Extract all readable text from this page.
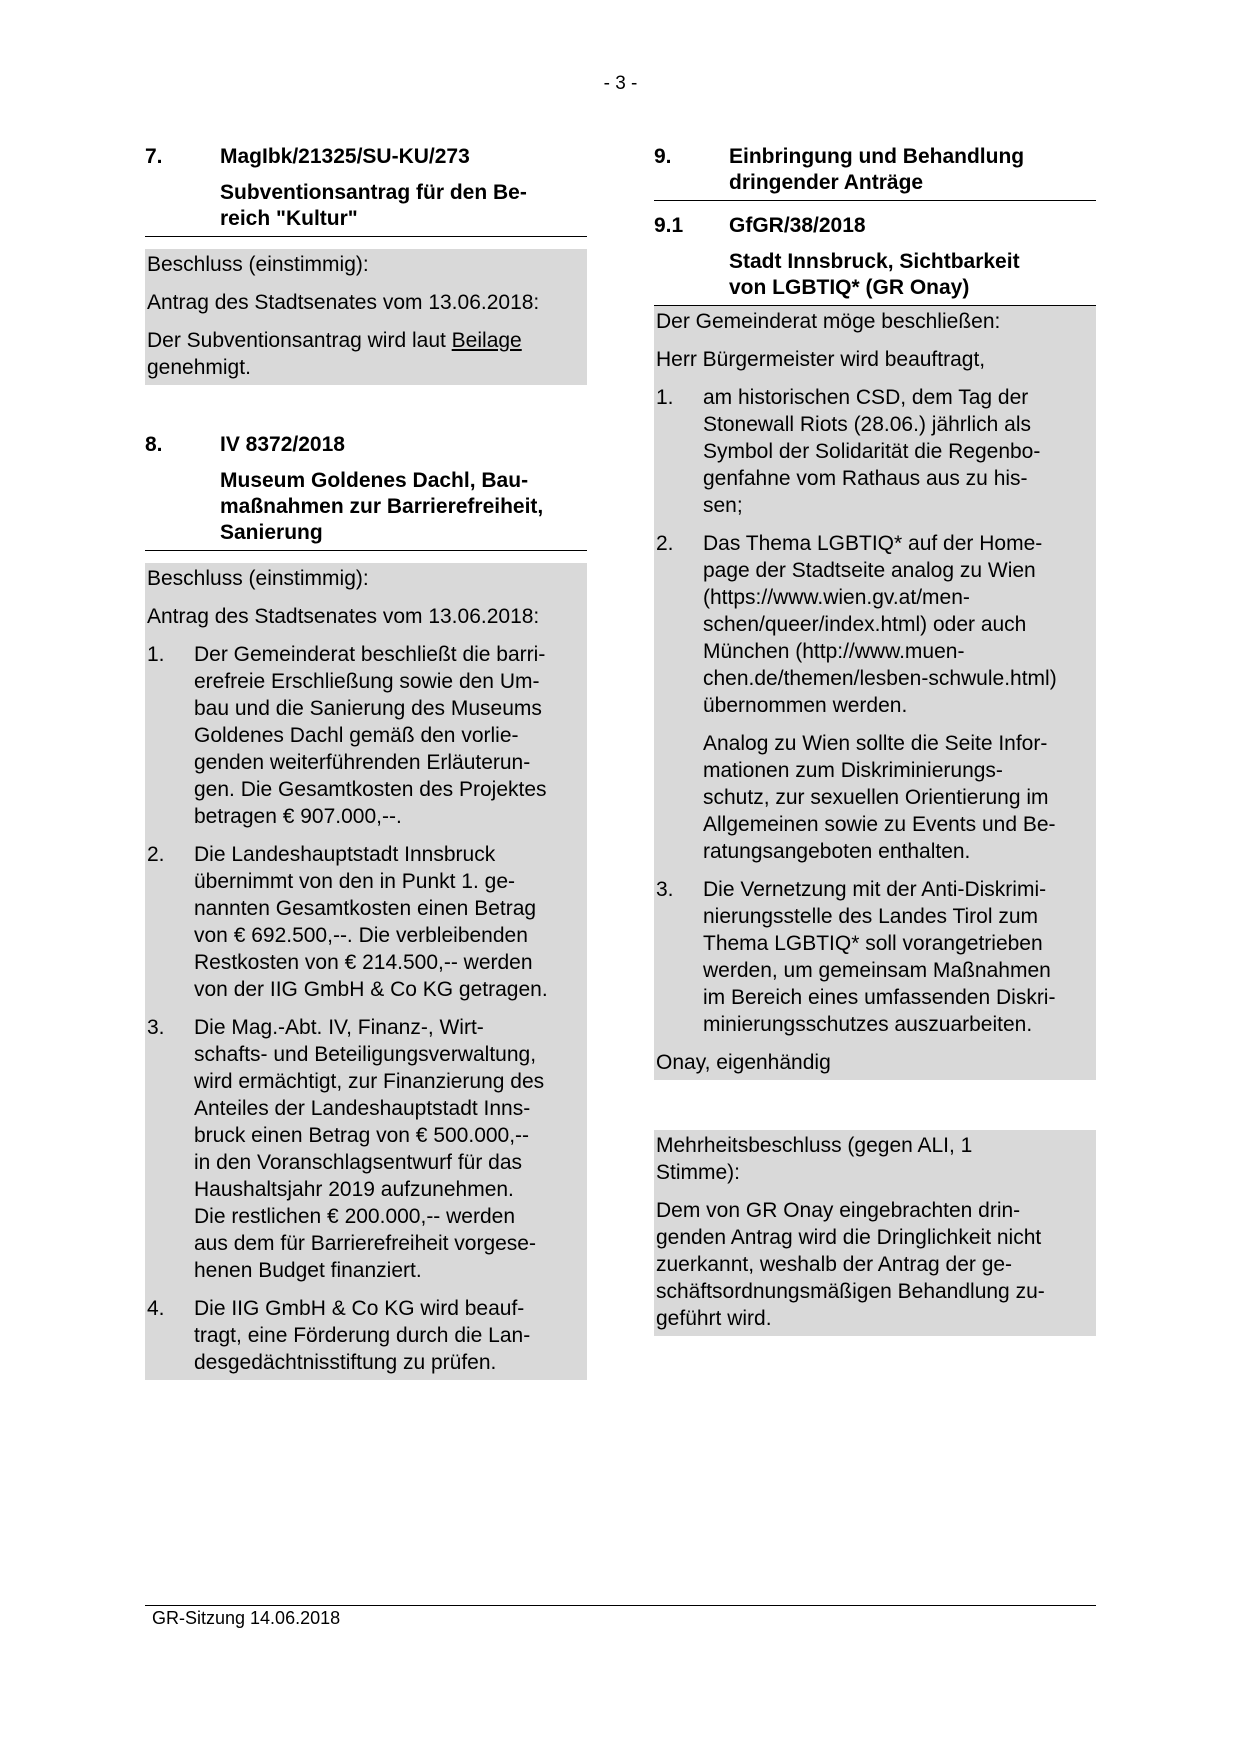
- 3 -
7.	MagIbk/21325/SU-KU/273
Subventionsantrag für den Be-
reich "Kultur"

Beschluss (einstimmig):

Antrag des Stadtsenates vom 13.06.2018:

Der Subventionsantrag wird laut Beilage
genehmigt.

8.	IV 8372/2018
Museum Goldenes Dachl, Bau-
maßnahmen zur Barrierefreiheit,
Sanierung

Beschluss (einstimmig):

Antrag des Stadtsenates vom 13.06.2018:

1.	Der Gemeinderat beschließt die barri-
erefreie Erschließung sowie den Um-
bau und die Sanierung des Museums
Goldenes Dachl gemäß den vorlie-
genden weiterführenden Erläuterun-
gen. Die Gesamtkosten des Projektes
betragen € 907.000,--.

2.	Die Landeshauptstadt Innsbruck
übernimmt von den in Punkt 1. ge-
nannten Gesamtkosten einen Betrag
von € 692.500,--. Die verbleibenden
Restkosten von € 214.500,-- werden
von der IIG GmbH & Co KG getragen.

3.	Die Mag.-Abt. IV, Finanz-, Wirt-
schafts- und Beteiligungsverwaltung,
wird ermächtigt, zur Finanzierung des
Anteiles der Landeshauptstadt Inns-
bruck einen Betrag von € 500.000,--
in den Voranschlagsentwurf für das
Haushaltsjahr 2019 aufzunehmen.
Die restlichen € 200.000,-- werden
aus dem für Barrierefreiheit vorgese-
henen Budget finanziert.

4.	Die IIG GmbH & Co KG wird beauf-
tragt, eine Förderung durch die Lan-
desgedächtnisstiftung zu prüfen.

9.	Einbringung und Behandlung
dringender Anträge
9.1	GfGR/38/2018
Stadt Innsbruck, Sichtbarkeit
von LGBTIQ* (GR Onay)

Der Gemeinderat möge beschließen:

Herr Bürgermeister wird beauftragt,

1.	am historischen CSD, dem Tag der
Stonewall Riots (28.06.) jährlich als
Symbol der Solidarität die Regenbo-
genfahne vom Rathaus aus zu his-
sen;

2.	Das Thema LGBTIQ* auf der Home-
page der Stadtseite analog zu Wien
(https://www.wien.gv.at/men-
schen/queer/index.html) oder auch
München (http://www.muen-
chen.de/themen/lesben-schwule.html)
übernommen werden.

Analog zu Wien sollte die Seite Infor-
mationen zum Diskriminierungs-
schutz, zur sexuellen Orientierung im
Allgemeinen sowie zu Events und Be-
ratungsangeboten enthalten.

3.	Die Vernetzung mit der Anti-Diskrimi-
nierungsstelle des Landes Tirol zum
Thema LGBTIQ* soll vorangetrieben
werden, um gemeinsam Maßnahmen
im Bereich eines umfassenden Diskri-
minierungsschutzes auszuarbeiten.

Onay, eigenhändig

Mehrheitsbeschluss (gegen ALI, 1
Stimme):

Dem von GR Onay eingebrachten drin-
genden Antrag wird die Dringlichkeit nicht
zuerkannt, weshalb der Antrag der ge-
schäftsordnungsmäßigen Behandlung zu-
geführt wird.

GR-Sitzung 14.06.2018
